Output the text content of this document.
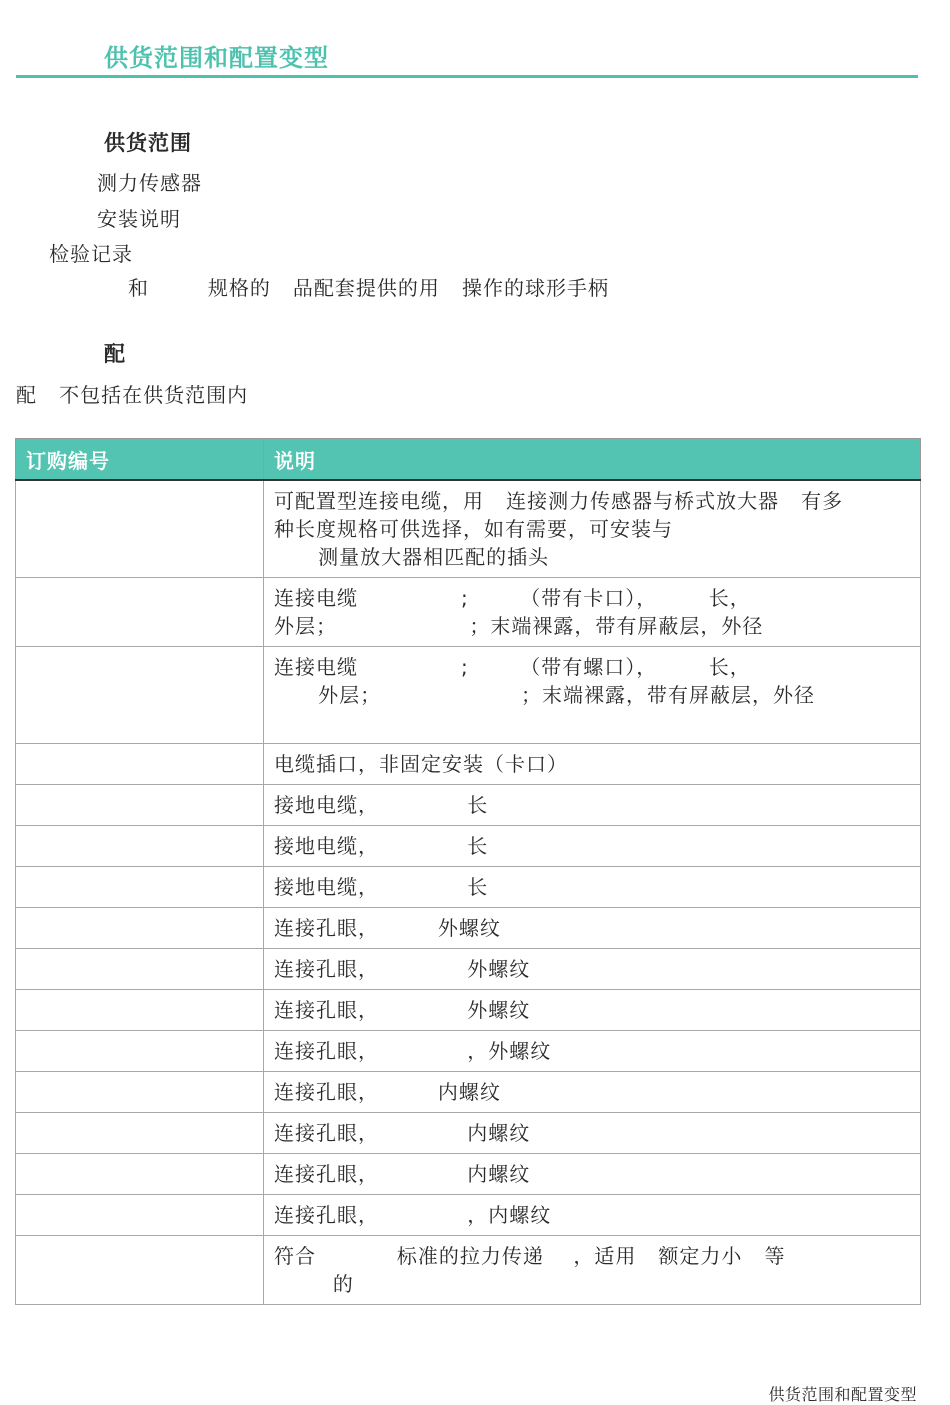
供货范围和配置变型
供货范围
测力传感器
安装说明
检验记录
和        规格的   品配套提供的用   操作的球形手柄
配
配   不包括在供货范围内
订购编号	说明
	可配置型连接电缆，用   连接测力传感器与桥式放大器   有多
种长度规格可供选择，如有需要，可安装与
测量放大器相匹配的插头
	连接电缆              ;       （带有卡口），       长，
外层；                  ；末端裸露，带有屏蔽层，外径
	连接电缆              ;       （带有螺口），       长，
外层；                   ；末端裸露，带有屏蔽层，外径

	电缆插口，非固定安装（卡口）
	接地电缆，            长
	接地电缆，            长
	接地电缆，            长
	连接孔眼，        外螺纹
	连接孔眼，            外螺纹
	连接孔眼，            外螺纹
	连接孔眼，            ，外螺纹
	连接孔眼，        内螺纹
	连接孔眼，            内螺纹
	连接孔眼，            内螺纹
	连接孔眼，            ，内螺纹
	符合           标准的拉力传递    ，适用   额定力小   等
的
供货范围和配置变型
